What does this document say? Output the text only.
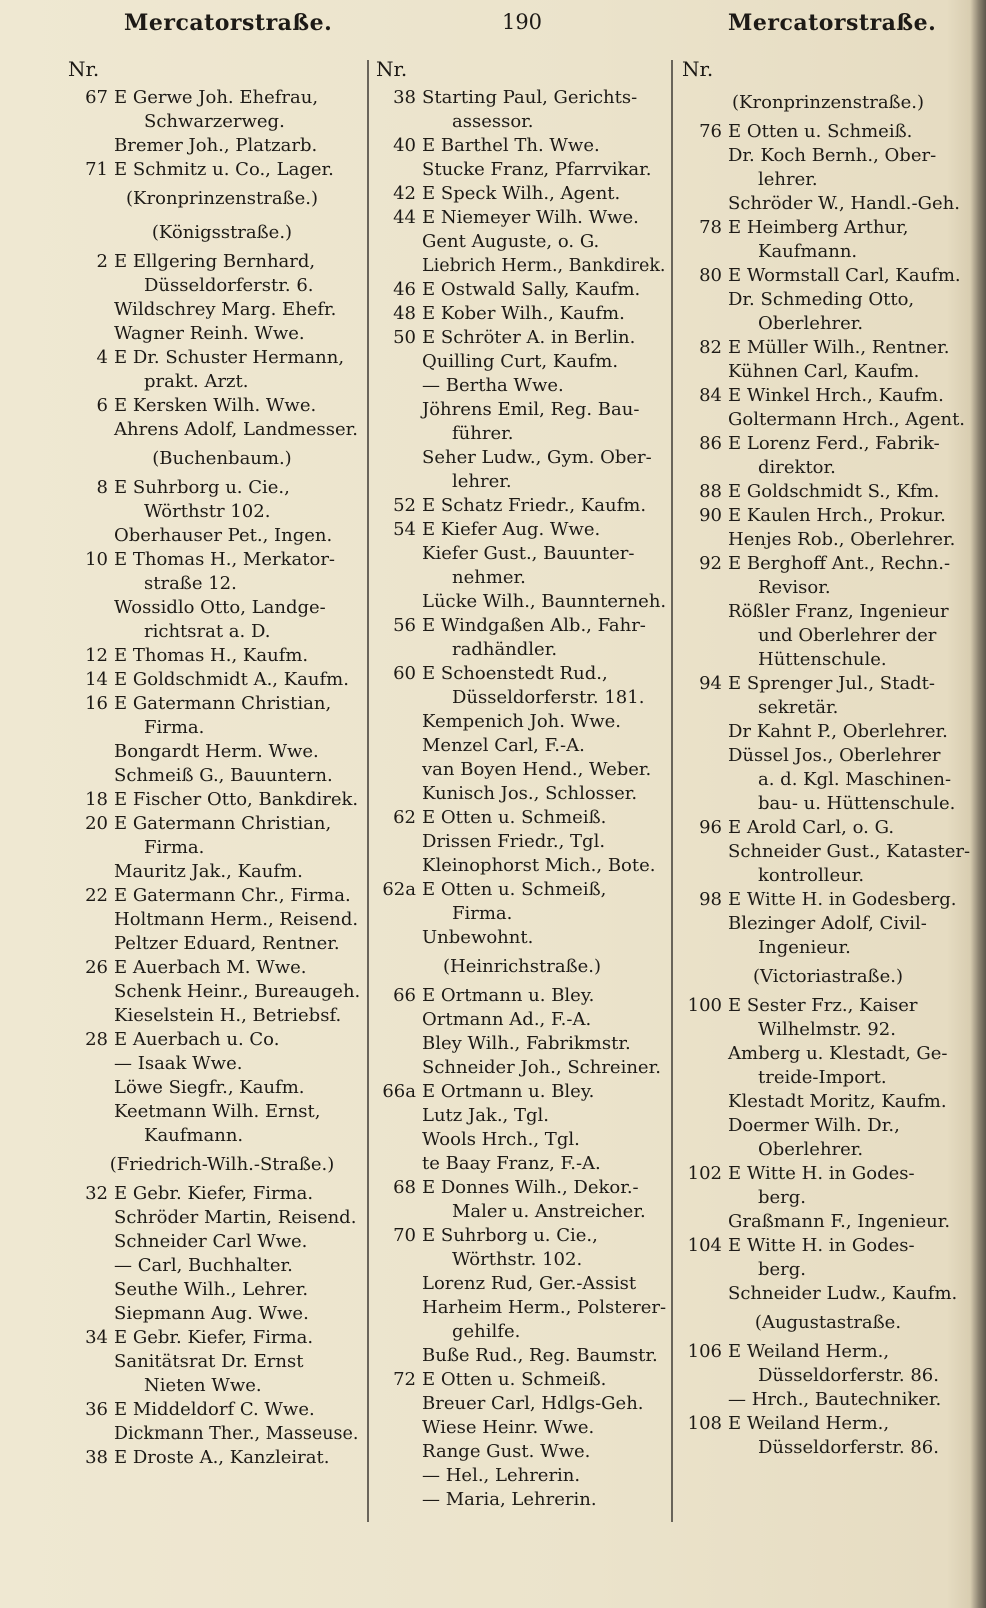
Mercatorstraße.	190	Mercatorstraße.
Nr.
67 E Gerwe Joh. Ehefrau,
Schwarzerweg.
Bremer Joh., Platzarb.
71 E Schmitz u. Co., Lager.
(Kronprinzenstraße.)
(Königsstraße.)
2 E Ellgering Bernhard,
Düsseldorferstr. 6.
Wildschrey Marg. Ehefr.
Wagner Reinh. Wwe.
4 E Dr. Schuster Hermann,
prakt. Arzt.
6 E Kersken Wilh. Wwe.
Ahrens Adolf, Landmesser.
(Buchenbaum.)
8 E Suhrborg u. Cie.,
Wörthstr 102.
Oberhauser Pet., Ingen.
10 E Thomas H., Merkator-
straße 12.
Wossidlo Otto, Landge-
richtsrat a. D.
12 E Thomas H., Kaufm.
14 E Goldschmidt A., Kaufm.
16 E Gatermann Christian,
Firma.
Bongardt Herm. Wwe.
Schmeiß G., Bauuntern.
18 E Fischer Otto, Bankdirek.
20 E Gatermann Christian,
Firma.
Mauritz Jak., Kaufm.
22 E Gatermann Chr., Firma.
Holtmann Herm., Reisend.
Peltzer Eduard, Rentner.
26 E Auerbach M. Wwe.
Schenk Heinr., Bureaugeh.
Kieselstein H., Betriebsf.
28 E Auerbach u. Co.
— Isaak Wwe.
Löwe Siegfr., Kaufm.
Keetmann Wilh. Ernst,
Kaufmann.
(Friedrich-Wilh.-Straße.)
32 E Gebr. Kiefer, Firma.
Schröder Martin, Reisend.
Schneider Carl Wwe.
— Carl, Buchhalter.
Seuthe Wilh., Lehrer.
Siepmann Aug. Wwe.
34 E Gebr. Kiefer, Firma.
Sanitätsrat Dr. Ernst
Nieten Wwe.
36 E Middeldorf C. Wwe.
Dickmann Ther., Masseuse.
38 E Droste A., Kanzleirat.
Nr.
38 Starting Paul, Gerichts-
assessor.
40 E Barthel Th. Wwe.
Stucke Franz, Pfarrvikar.
42 E Speck Wilh., Agent.
44 E Niemeyer Wilh. Wwe.
Gent Auguste, o. G.
Liebrich Herm., Bankdirek.
46 E Ostwald Sally, Kaufm.
48 E Kober Wilh., Kaufm.
50 E Schröter A. in Berlin.
Quilling Curt, Kaufm.
— Bertha Wwe.
Jöhrens Emil, Reg. Bau-
führer.
Seher Ludw., Gym. Ober-
lehrer.
52 E Schatz Friedr., Kaufm.
54 E Kiefer Aug. Wwe.
Kiefer Gust., Bauunter-
nehmer.
Lücke Wilh., Baunnterneh.
56 E Windgaßen Alb., Fahr-
radhändler.
60 E Schoenstedt Rud.,
Düsseldorferstr. 181.
Kempenich Joh. Wwe.
Menzel Carl, F.-A.
van Boyen Hend., Weber.
Kunisch Jos., Schlosser.
62 E Otten u. Schmeiß.
Drissen Friedr., Tgl.
Kleinophorst Mich., Bote.
62a E Otten u. Schmeiß,
Firma.
Unbewohnt.
(Heinrichstraße.)
66 E Ortmann u. Bley.
Ortmann Ad., F.-A.
Bley Wilh., Fabrikmstr.
Schneider Joh., Schreiner.
66a E Ortmann u. Bley.
Lutz Jak., Tgl.
Wools Hrch., Tgl.
te Baay Franz, F.-A.
68 E Donnes Wilh., Dekor.-
Maler u. Anstreicher.
70 E Suhrborg u. Cie.,
Wörthstr. 102.
Lorenz Rud, Ger.-Assist
Harheim Herm., Polsterer-
gehilfe.
Buße Rud., Reg. Baumstr.
72 E Otten u. Schmeiß.
Breuer Carl, Hdlgs-Geh.
Wiese Heinr. Wwe.
Range Gust. Wwe.
— Hel., Lehrerin.
— Maria, Lehrerin.
Nr.
(Kronprinzenstraße.)
76 E Otten u. Schmeiß.
Dr. Koch Bernh., Ober-
lehrer.
Schröder W., Handl.-Geh.
78 E Heimberg Arthur,
Kaufmann.
80 E Wormstall Carl, Kaufm.
Dr. Schmeding Otto,
Oberlehrer.
82 E Müller Wilh., Rentner.
Kühnen Carl, Kaufm.
84 E Winkel Hrch., Kaufm.
Goltermann Hrch., Agent.
86 E Lorenz Ferd., Fabrik-
direktor.
88 E Goldschmidt S., Kfm.
90 E Kaulen Hrch., Prokur.
Henjes Rob., Oberlehrer.
92 E Berghoff Ant., Rechn.-
Revisor.
Rößler Franz, Ingenieur
und Oberlehrer der
Hüttenschule.
94 E Sprenger Jul., Stadt-
sekretär.
Dr Kahnt P., Oberlehrer.
Düssel Jos., Oberlehrer
a. d. Kgl. Maschinen-
bau- u. Hüttenschule.
96 E Arold Carl, o. G.
Schneider Gust., Kataster-
kontrolleur.
98 E Witte H. in Godesberg.
Blezinger Adolf, Civil-
Ingenieur.
(Victoriastraße.)
100 E Sester Frz., Kaiser
Wilhelmstr. 92.
Amberg u. Klestadt, Ge-
treide-Import.
Klestadt Moritz, Kaufm.
Doermer Wilh. Dr.,
Oberlehrer.
102 E Witte H. in Godes-
berg.
Graßmann F., Ingenieur.
104 E Witte H. in Godes-
berg.
Schneider Ludw., Kaufm.
(Augustastraße.
106 E Weiland Herm.,
Düsseldorferstr. 86.
— Hrch., Bautechniker.
108 E Weiland Herm.,
Düsseldorferstr. 86.
